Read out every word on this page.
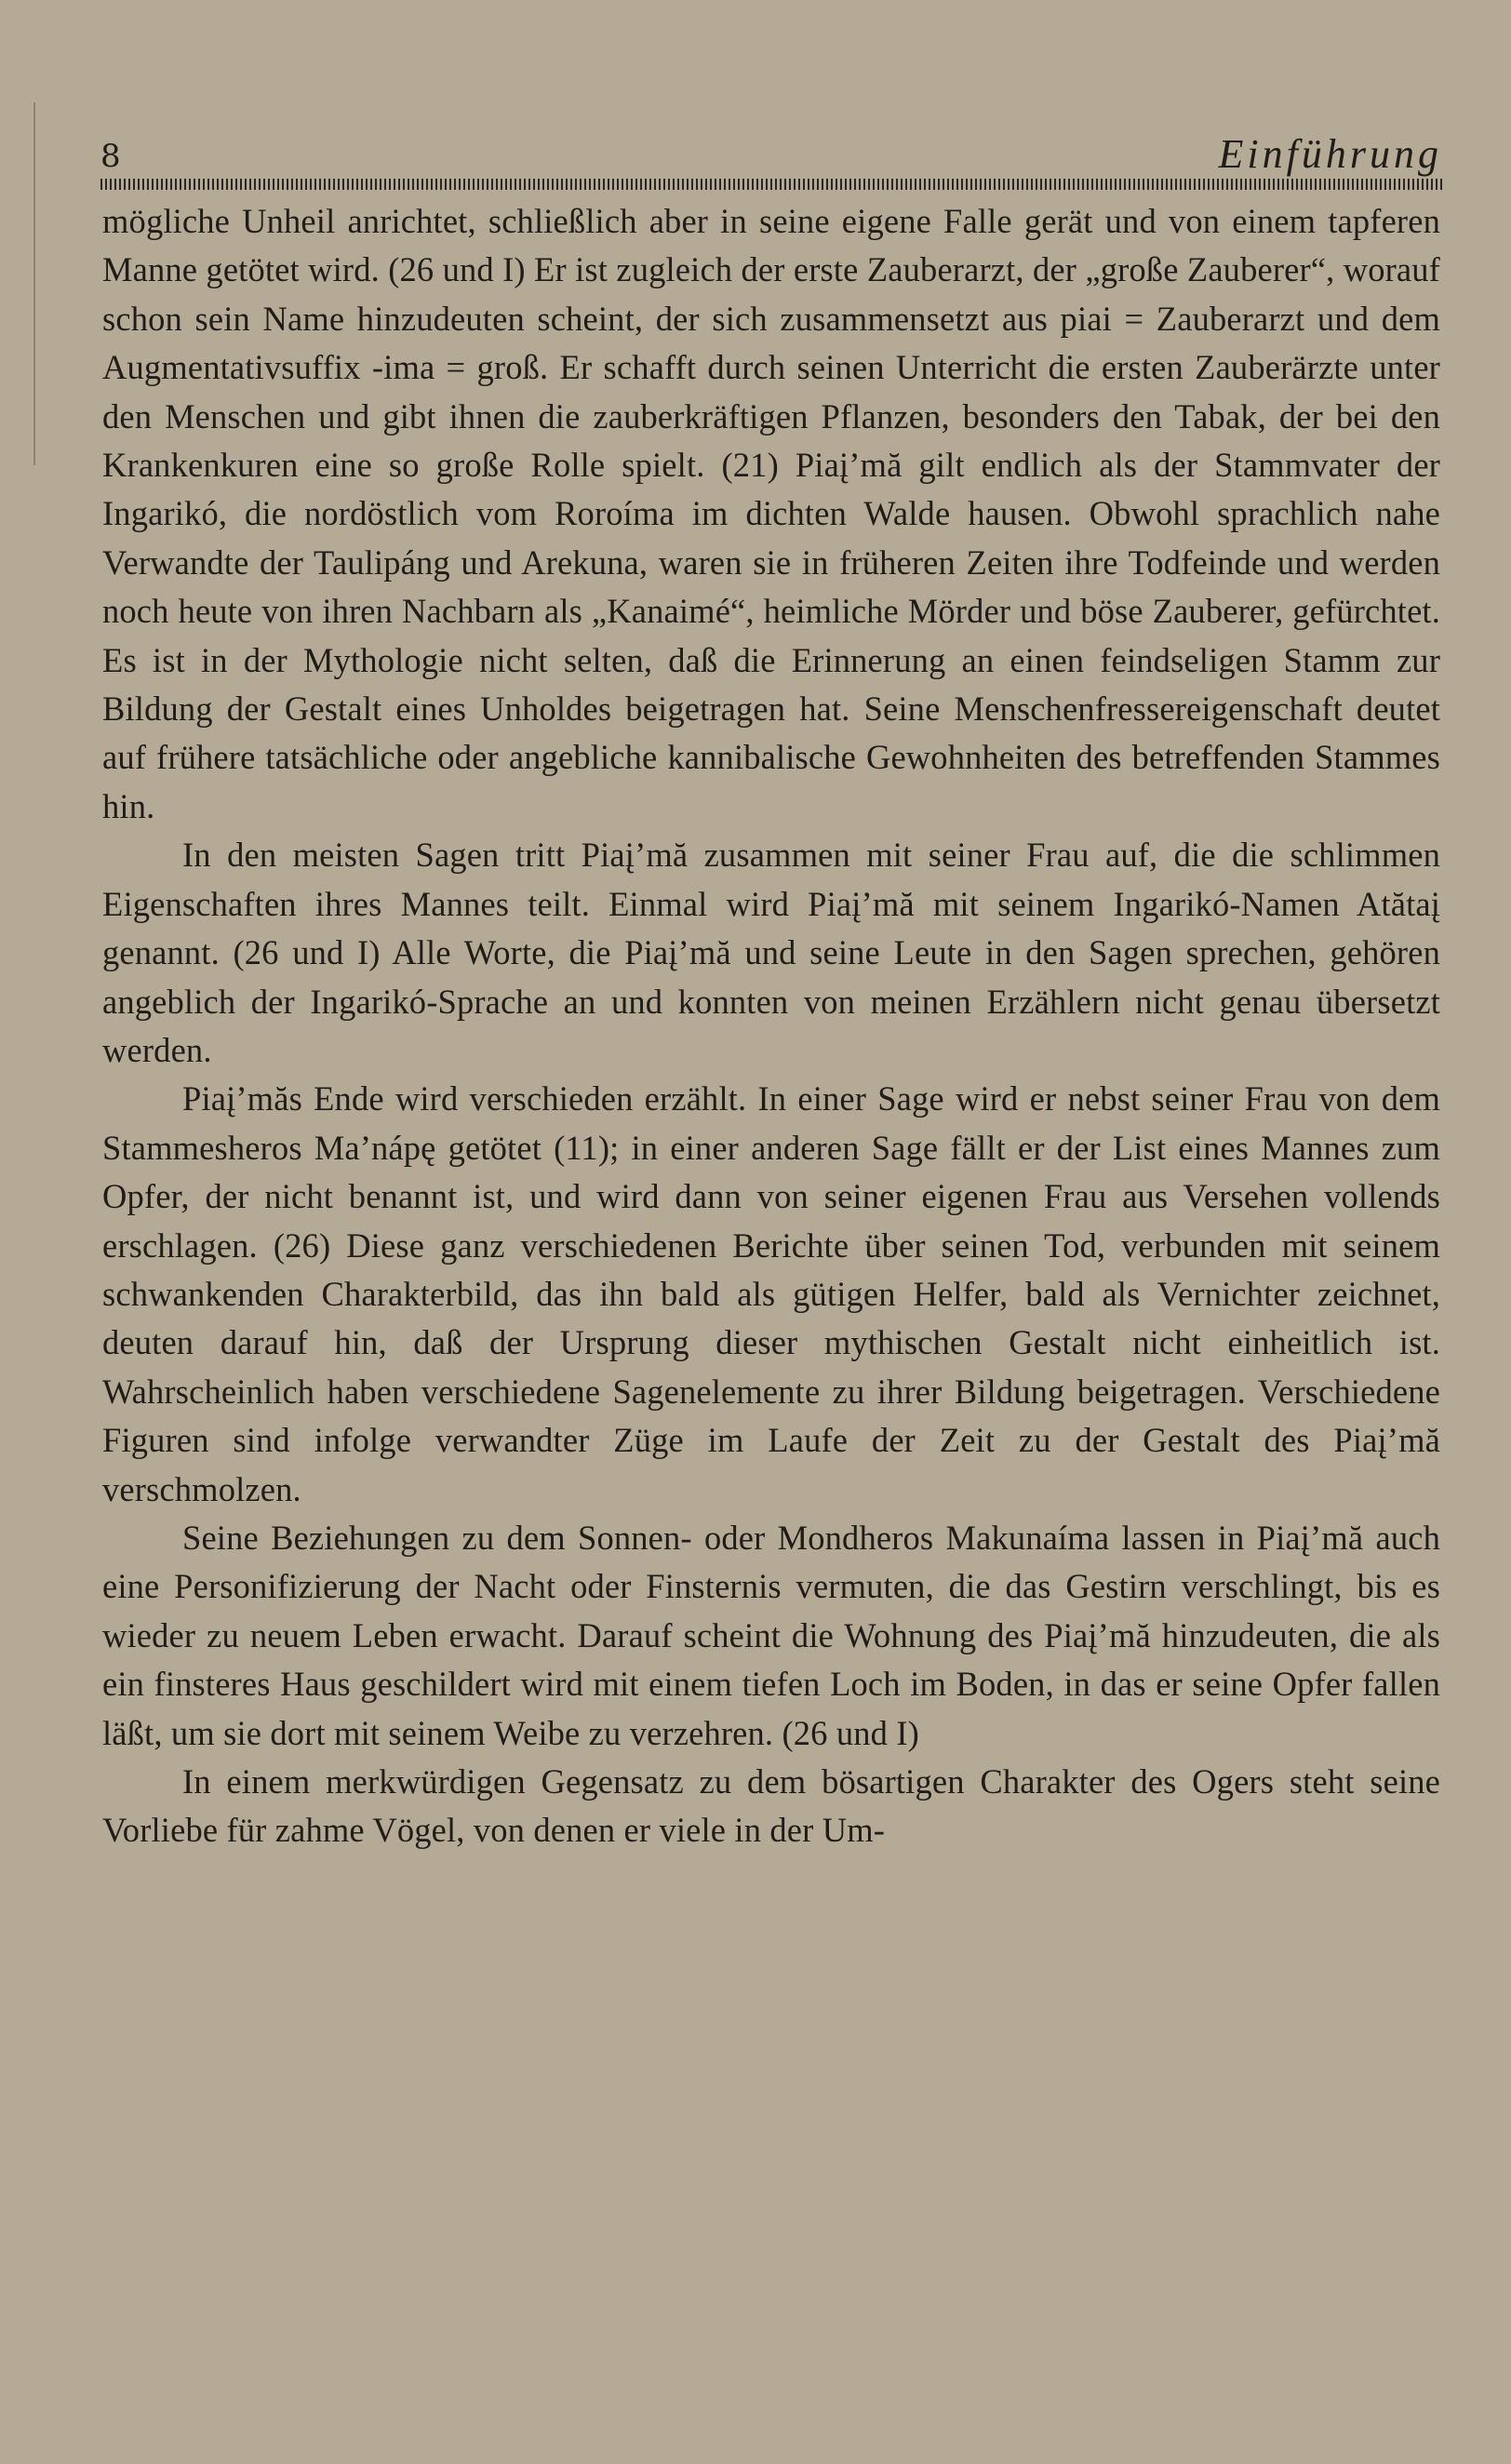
8	Einführung

mögliche Unheil anrichtet, schließlich aber in seine eigene Falle gerät und von einem tapferen Manne getötet wird. (26 und I) Er ist zugleich der erste Zauberarzt, der „große Zauberer“, worauf schon sein Name hinzudeuten scheint, der sich zusammensetzt aus piai = Zauberarzt und dem Augmentativsuffix -ima = groß. Er schafft durch seinen Unterricht die ersten Zauberärzte unter den Menschen und gibt ihnen die zauberkräftigen Pflanzen, besonders den Tabak, der bei den Krankenkuren eine so große Rolle spielt. (21) Piaį’mă gilt endlich als der Stammvater der Ingarikó, die nordöstlich vom Roroíma im dichten Walde hausen. Obwohl sprachlich nahe Verwandte der Taulipáng und Arekuna, waren sie in früheren Zeiten ihre Todfeinde und werden noch heute von ihren Nachbarn als „Kanaimé“, heimliche Mörder und böse Zauberer, gefürchtet. Es ist in der Mythologie nicht selten, daß die Erinnerung an einen feindseligen Stamm zur Bildung der Gestalt eines Unholdes beigetragen hat. Seine Menschenfressereigenschaft deutet auf frühere tatsächliche oder angebliche kannibalische Gewohnheiten des betreffenden Stammes hin.

In den meisten Sagen tritt Piaį’mă zusammen mit seiner Frau auf, die die schlimmen Eigenschaften ihres Mannes teilt. Einmal wird Piaį’mă mit seinem Ingarikó-Namen Atătaį genannt. (26 und I) Alle Worte, die Piaį’mă und seine Leute in den Sagen sprechen, gehören angeblich der Ingarikó-Sprache an und konnten von meinen Erzählern nicht genau übersetzt werden.

Piaį’măs Ende wird verschieden erzählt. In einer Sage wird er nebst seiner Frau von dem Stammesheros Ma’nápę getötet (11); in einer anderen Sage fällt er der List eines Mannes zum Opfer, der nicht benannt ist, und wird dann von seiner eigenen Frau aus Versehen vollends erschlagen. (26) Diese ganz verschiedenen Berichte über seinen Tod, verbunden mit seinem schwankenden Charakterbild, das ihn bald als gütigen Helfer, bald als Vernichter zeichnet, deuten darauf hin, daß der Ursprung dieser mythischen Gestalt nicht einheitlich ist. Wahrscheinlich haben verschiedene Sagenelemente zu ihrer Bildung beigetragen. Verschiedene Figuren sind infolge verwandter Züge im Laufe der Zeit zu der Gestalt des Piaį’mă verschmolzen.

Seine Beziehungen zu dem Sonnen- oder Mondheros Makunaíma lassen in Piaį’mă auch eine Personifizierung der Nacht oder Finsternis vermuten, die das Gestirn verschlingt, bis es wieder zu neuem Leben erwacht. Darauf scheint die Wohnung des Piaį’mă hinzudeuten, die als ein finsteres Haus geschildert wird mit einem tiefen Loch im Boden, in das er seine Opfer fallen läßt, um sie dort mit seinem Weibe zu verzehren. (26 und I)

In einem merkwürdigen Gegensatz zu dem bösartigen Charakter des Ogers steht seine Vorliebe für zahme Vögel, von denen er viele in der Um-
